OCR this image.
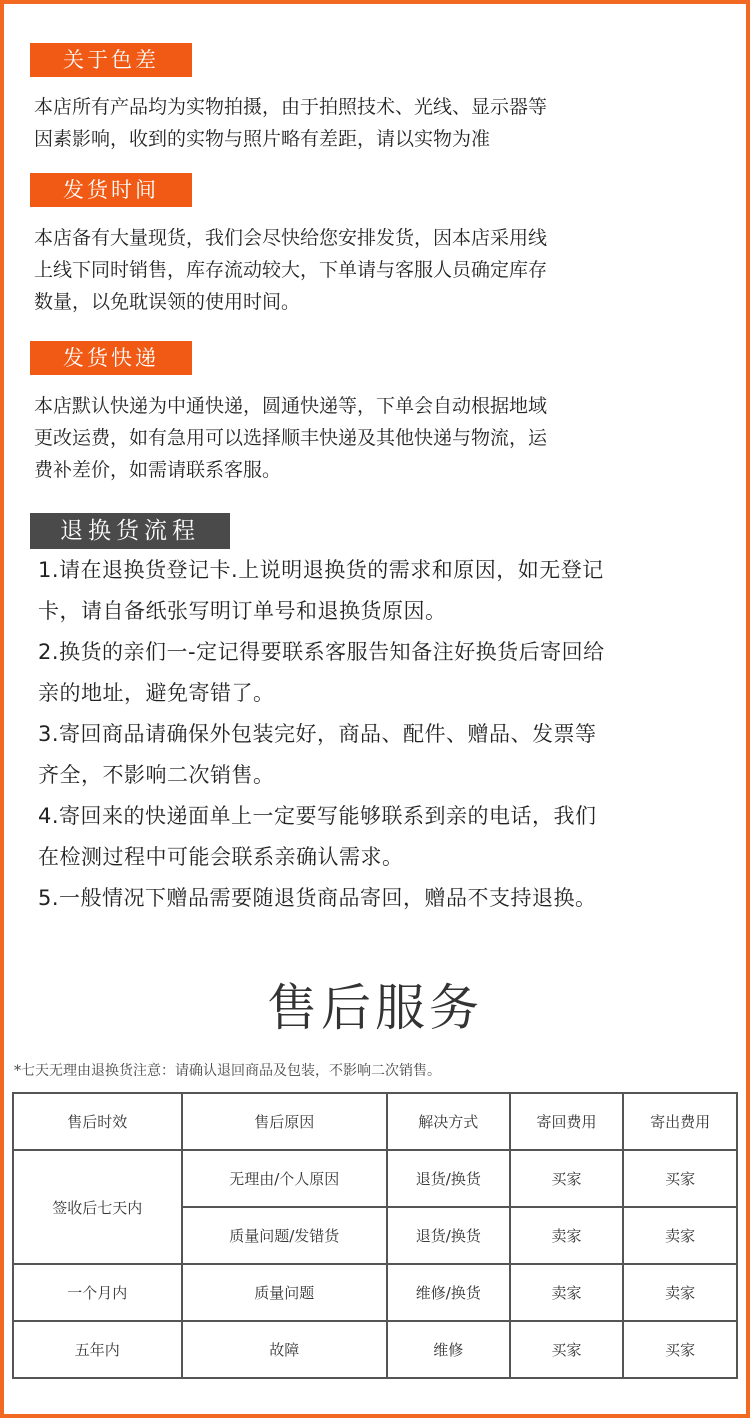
关于色差
本店所有产品均为实物拍摄，由于拍照技术、光线、显示器等
因素影响，收到的实物与照片略有差距，请以实物为准
发货时间
本店备有大量现货，我们会尽快给您安排发货，因本店采用线
上线下同时销售，库存流动较大，下单请与客服人员确定库存
数量，以免耽误领的使用时间。
发货快递
本店默认快递为中通快递，圆通快递等，下单会自动根据地域
更改运费，如有急用可以选择顺丰快递及其他快递与物流，运
费补差价，如需请联系客服。
退换货流程
1.请在退换货登记卡.上说明退换货的需求和原因，如无登记
卡，请自备纸张写明订单号和退换货原因。
2.换货的亲们一-定记得要联系客服告知备注好换货后寄回给
亲的地址，避免寄错了。
3.寄回商品请确保外包装完好，商品、配件、赠品、发票等
齐全，不影响二次销售。
4.寄回来的快递面单上一定要写能够联系到亲的电话，我们
在检测过程中可能会联系亲确认需求。
5.一般情况下赠品需要随退货商品寄回，赠品不支持退换。
售后服务
*七天无理由退换货注意：请确认退回商品及包装，不影响二次销售。
售后时效	售后原因	解决方式	寄回费用	寄出费用
签收后七天内	无理由/个人原因	退货/换货	买家	买家
	质量问题/发错货	退货/换货	卖家	卖家
一个月内	质量问题	维修/换货	卖家	卖家
五年内	故障	维修	买家	买家
